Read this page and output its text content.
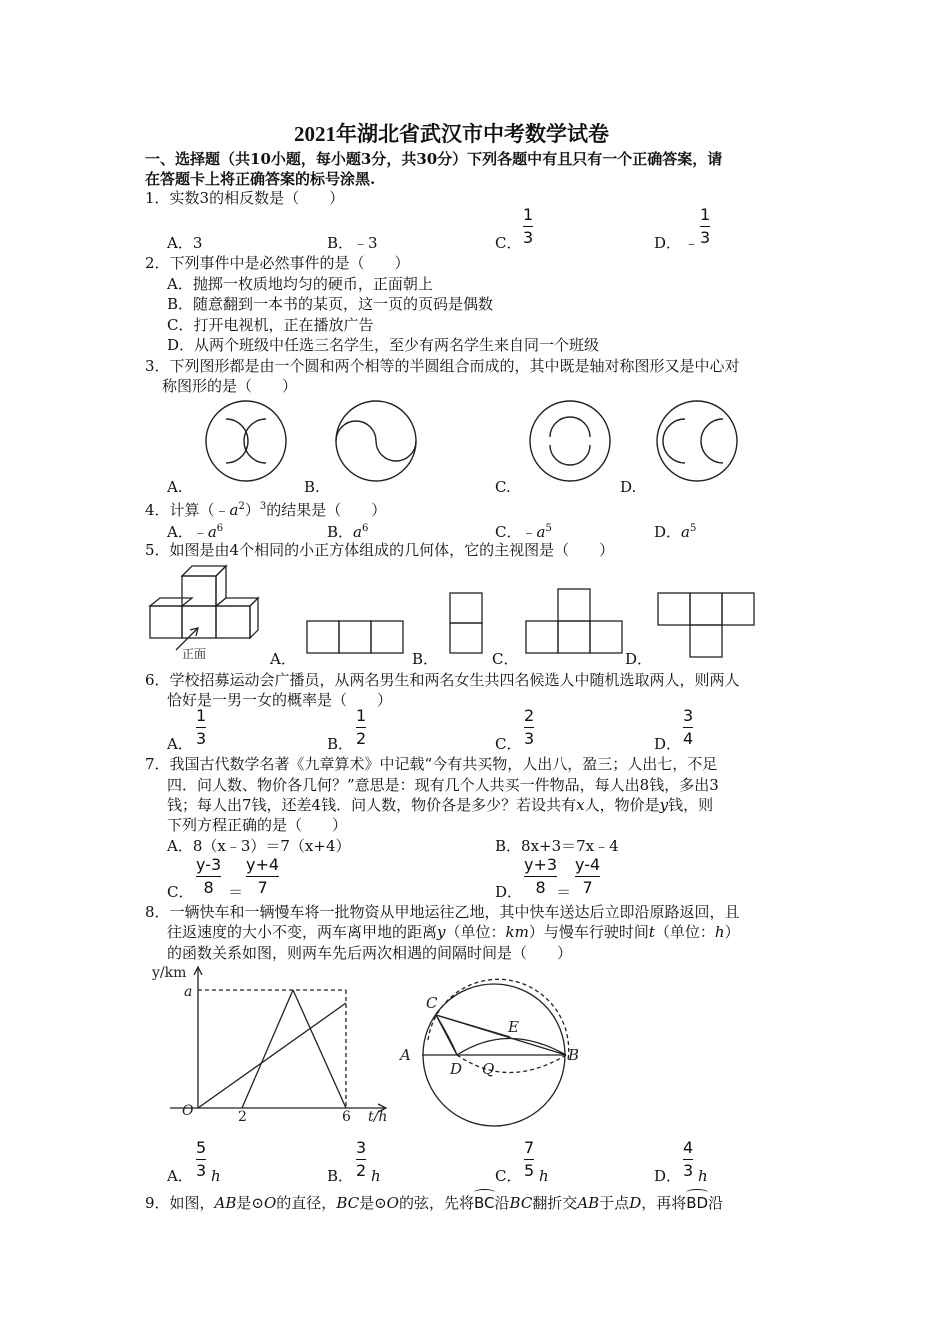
2021年湖北省武汉市中考数学试卷
一、选择题（共10小题，每小题3分，共30分）下列各题中有且只有一个正确答案，请
在答题卡上将正确答案的标号涂黑.
1．实数3的相反数是（　　）
A．3	B．﹣3	C．
1
3	D． ﹣
1
3
2．下列事件中是必然事件的是（　　）
A．抛掷一枚质地均匀的硬币，正面朝上
B．随意翻到一本书的某页，这一页的页码是偶数
C．打开电视机，正在播放广告
D．从两个班级中任选三名学生，至少有两名学生来自同一个班级
3．下列图形都是由一个圆和两个相等的半圆组合而成的，其中既是轴对称图形又是中心对
称图形的是（　　）
A.	B.	C.	D.
4．计算$(﹣a^2)^3$的结果是（　　）
A．$﹣a^6$	B．$a^6$	C．$﹣a^5$	D．$a^5$
5．如图是由4个相同的小正方体组成的几何体，它的主视图是（　　）
正面	A．	B．	C．	D．
6．学校招募运动会广播员，从两名男生和两名女生共四名候选人中随机选取两人，则两人
恰好是一男一女的概率是（　　）
A．
1
3	B．
1
2	C．
2
3	D．
3
4
7．我国古代数学名著《九章算术》中记载“今有共买物，人出八，盈三；人出七，不足
四．问人数、物价各几何？”意思是：现有几个人共买一件物品，每人出8钱，多出3
钱；每人出7钱，还差4钱．问人数，物价各是多少？若设共有x人，物价是y钱，则
下列方程正确的是（　　）
A．8（x﹣3）＝7（x+4）	B．8x+3＝7x﹣4
C．
y-3
8 ＝
y+4
7	D．
y+3
8 ＝
y-4
7
8．一辆快车和一辆慢车将一批物资从甲地运往乙地，其中快车送达后立即沿原路返回，且
往返速度的大小不变，两车离甲地的距离y（单位：km）与慢车行驶时间t（单位：h）
的函数关系如图，则两车先后两次相遇的间隔时间是（　　）
y/km
a
O	2	6 t/h
C
E
A
D Q
B
A．
5
3 h	B．
3
2 h	C．
7
5 h	D．
4
3 h
9．如图，AB是⊙O的直径，BC是⊙O的弦，先将BC沿BC翻折交AB于点D，再将BD沿
